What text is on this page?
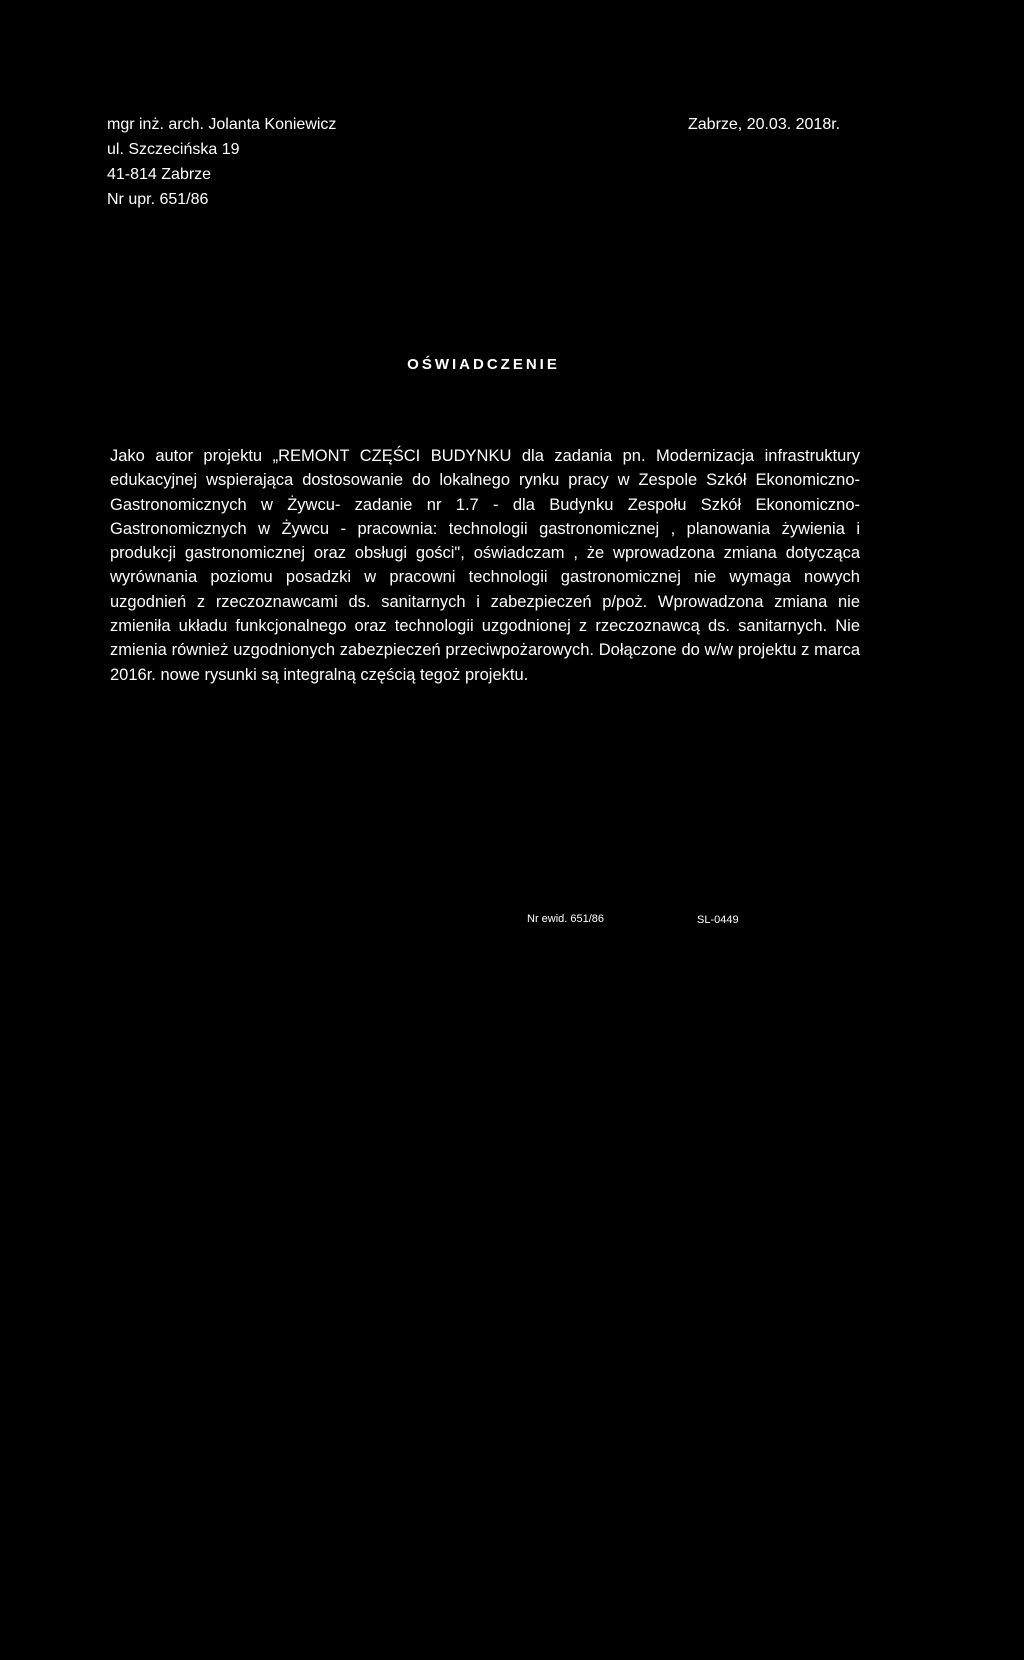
mgr inż. arch. Jolanta Koniewicz
ul. Szczecińska 19
41-814 Zabrze
Nr upr. 651/86
Zabrze, 20.03. 2018r.
OŚWIADCZENIE
Jako autor projektu „REMONT CZĘŚCI BUDYNKU dla zadania pn. Modernizacja infrastruktury edukacyjnej wspierająca dostosowanie do lokalnego rynku pracy w Zespole Szkół Ekonomiczno-Gastronomicznych w Żywcu- zadanie nr 1.7 - dla Budynku Zespołu Szkół Ekonomiczno-Gastronomicznych w Żywcu - pracownia: technologii gastronomicznej , planowania żywienia i produkcji gastronomicznej oraz obsługi gości", oświadczam , że wprowadzona zmiana dotycząca wyrównania poziomu posadzki w pracowni technologii gastronomicznej nie wymaga nowych uzgodnień z rzeczoznawcami ds. sanitarnych i zabezpieczeń p/poż. Wprowadzona zmiana nie zmieniła układu funkcjonalnego oraz technologii uzgodnionej z rzeczoznawcą ds. sanitarnych. Nie zmienia również uzgodnionych zabezpieczeń przeciwpożarowych. Dołączone do w/w projektu z marca 2016r. nowe rysunki są integralną częścią tegoż projektu.
Nr ewid. 651/86	SL-0449
